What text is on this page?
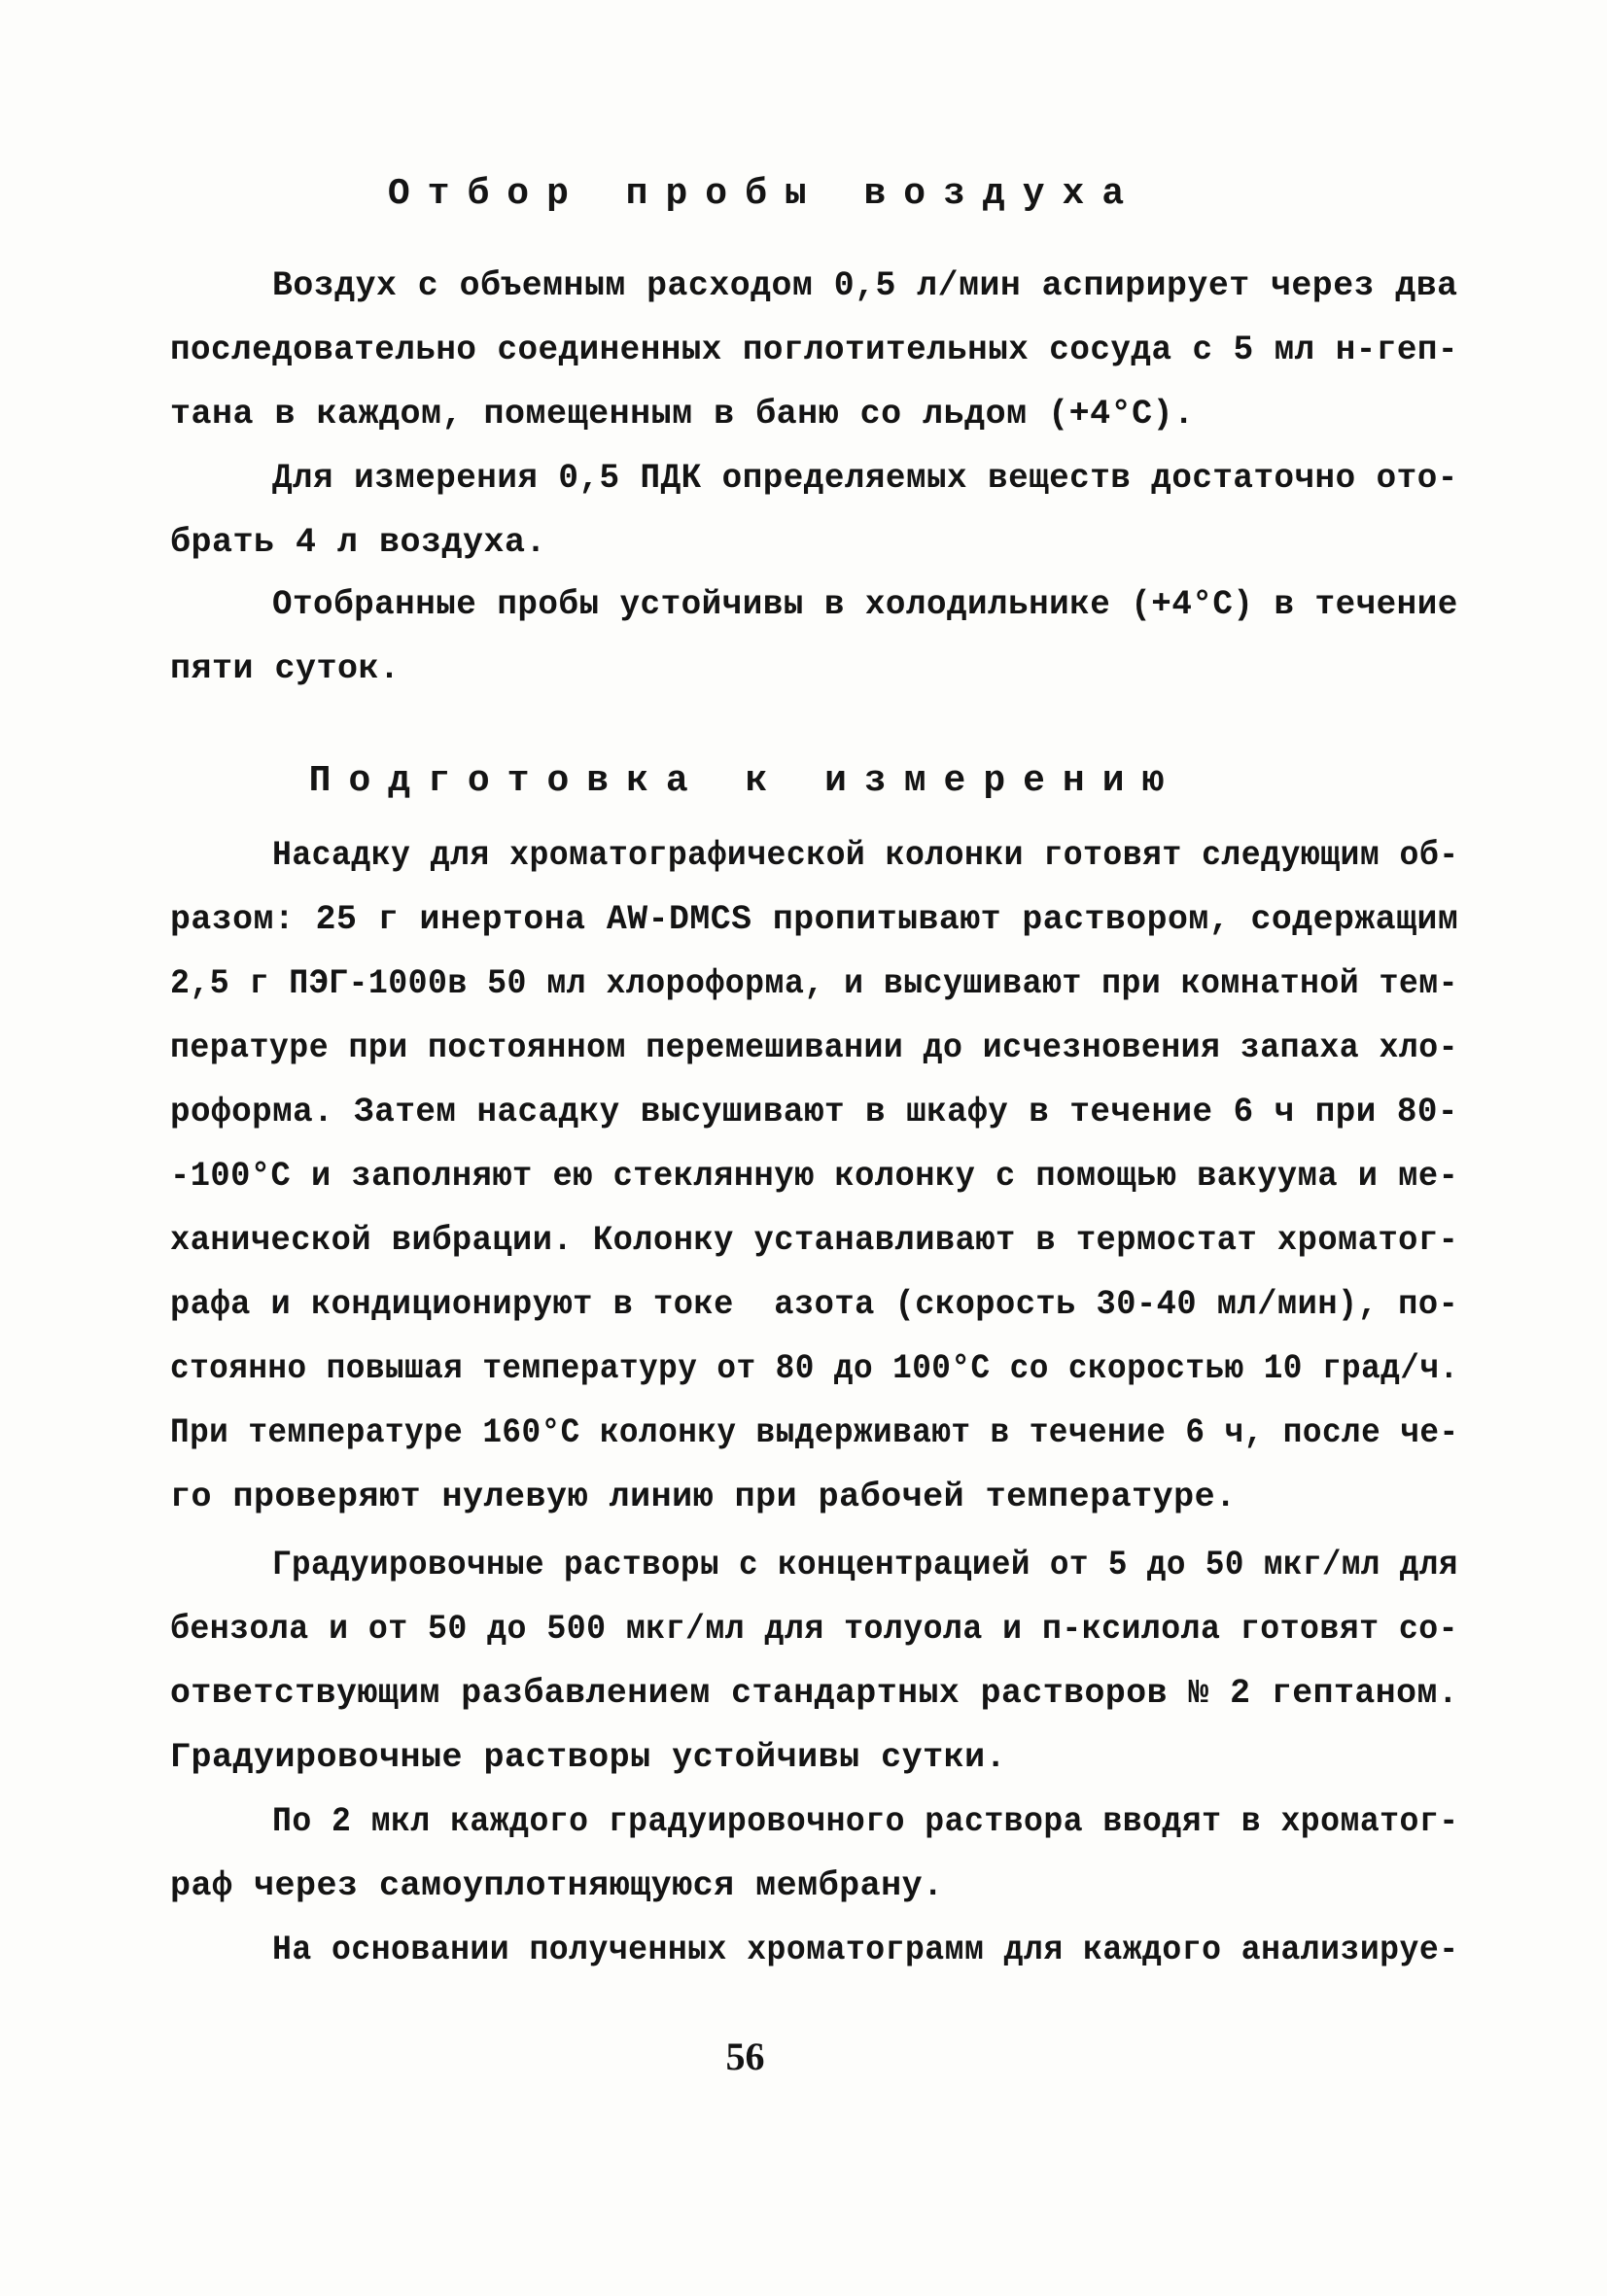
Отбор пробы воздуха
Воздух с объемным расходом 0,5 л/мин аспирирует через два
последовательно соединенных поглотительных сосуда с 5 мл н-геп-
тана в каждом, помещенным в баню со льдом (+4°С).
Для измерения 0,5 ПДК определяемых веществ достаточно ото-
брать 4 л воздуха.
Отобранные пробы устойчивы в холодильнике (+4°С) в течение
пяти суток.
Подготовка к измерению
Насадку для хроматографической колонки готовят следующим об-
разом: 25 г инертона AW-DMCS пропитывают раствором, содержащим
2,5 г ПЭГ-1000в 50 мл хлороформа, и высушивают при комнатной тем-
пературе при постоянном перемешивании до исчезновения запаха хло-
роформа. Затем насадку высушивают в шкафу в течение 6 ч при 80-
-100°С и заполняют ею стеклянную колонку с помощью вакуума и ме-
ханической вибрации. Колонку устанавливают в термостат хроматог-
рафа и кондиционируют в токе  азота (скорость 30-40 мл/мин), по-
стоянно повышая температуру от 80 до 100°С со скоростью 10 град/ч.
При температуре 160°С колонку выдерживают в течение 6 ч, после че-
го проверяют нулевую линию при рабочей температуре.
Градуировочные растворы с концентрацией от 5 до 50 мкг/мл для
бензола и от 50 до 500 мкг/мл для толуола и п-ксилола готовят со-
ответствующим разбавлением стандартных растворов № 2 гептаном.
Градуировочные растворы устойчивы сутки.
По 2 мкл каждого градуировочного раствора вводят в хроматог-
раф через самоуплотняющуюся мембрану.
На основании полученных хроматограмм для каждого анализируе-
56
